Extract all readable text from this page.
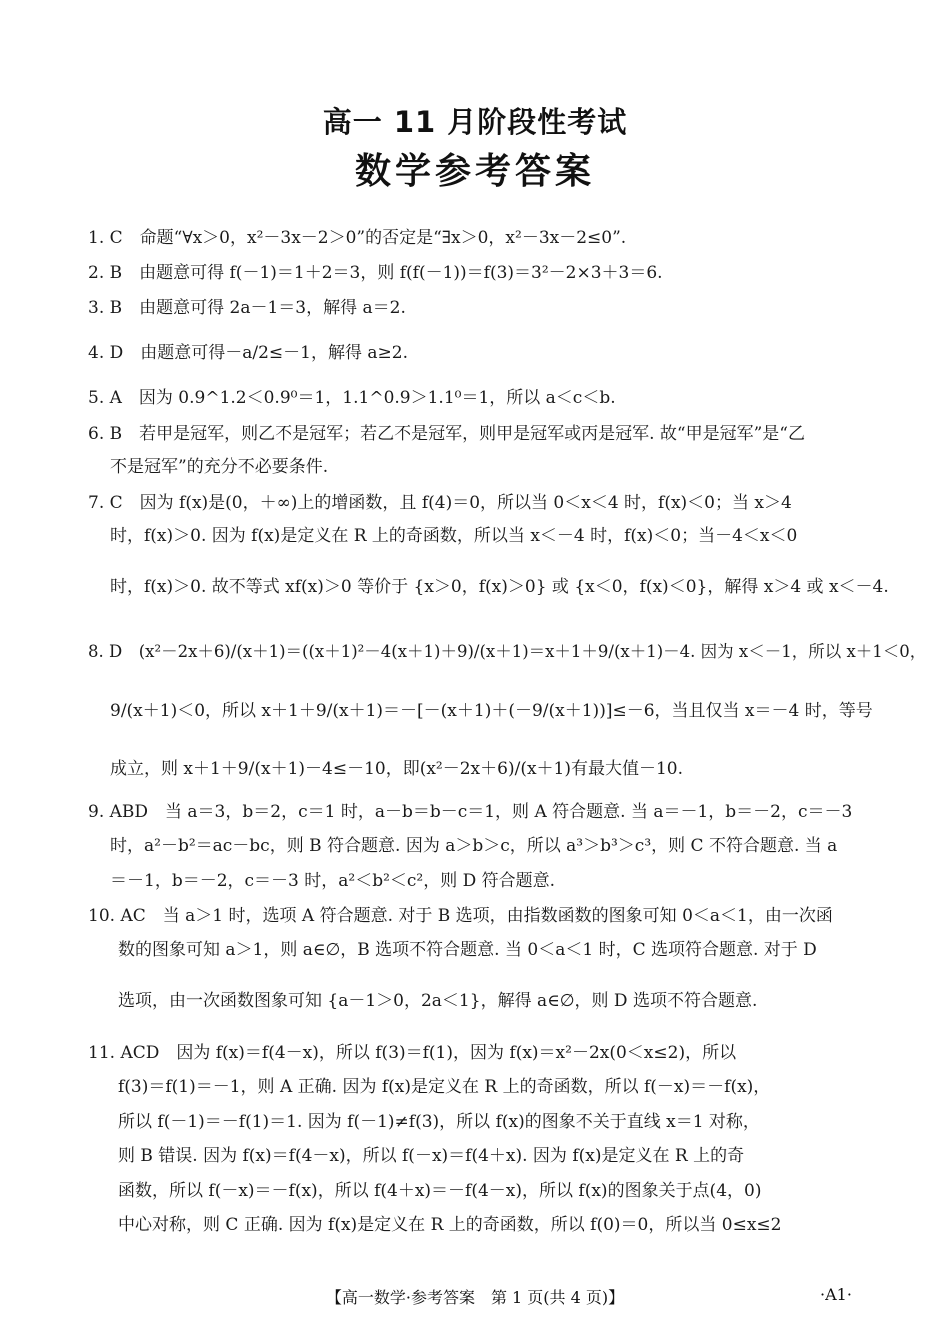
高一 11 月阶段性考试
数学参考答案
1. C　命题“∀x＞0，x²－3x－2＞0”的否定是“∃x＞0，x²－3x－2≤0”.
2. B　由题意可得 f(－1)＝1＋2＝3，则 f(f(－1))＝f(3)＝3²－2×3＋3＝6.
3. B　由题意可得 2a－1＝3，解得 a＝2.
4. D　由题意可得－a/2≤－1，解得 a≥2.
5. A　因为 0.9^1.2＜0.9⁰＝1，1.1^0.9＞1.1⁰＝1，所以 a＜c＜b.
6. B　若甲是冠军，则乙不是冠军；若乙不是冠军，则甲是冠军或丙是冠军. 故“甲是冠军”是“乙
不是冠军”的充分不必要条件.
7. C　因为 f(x)是(0，＋∞)上的增函数，且 f(4)＝0，所以当 0＜x＜4 时，f(x)＜0；当 x＞4
时，f(x)＞0. 因为 f(x)是定义在 R 上的奇函数，所以当 x＜－4 时，f(x)＜0；当－4＜x＜0
时，f(x)＞0. 故不等式 xf(x)＞0 等价于 {x＞0，f(x)＞0} 或 {x＜0，f(x)＜0}，解得 x＞4 或 x＜－4.
8. D　(x²－2x＋6)/(x＋1)＝((x＋1)²－4(x＋1)＋9)/(x＋1)＝x＋1＋9/(x＋1)－4. 因为 x＜－1，所以 x＋1＜0，
9/(x＋1)＜0，所以 x＋1＋9/(x＋1)＝－[－(x＋1)＋(－9/(x＋1))]≤－6，当且仅当 x＝－4 时，等号
成立，则 x＋1＋9/(x＋1)－4≤－10，即(x²－2x＋6)/(x＋1)有最大值－10.
9. ABD　当 a＝3，b＝2，c＝1 时，a－b＝b－c＝1，则 A 符合题意. 当 a＝－1，b＝－2，c＝－3
时，a²－b²＝ac－bc，则 B 符合题意. 因为 a＞b＞c，所以 a³＞b³＞c³，则 C 不符合题意. 当 a
＝－1，b＝－2，c＝－3 时，a²＜b²＜c²，则 D 符合题意.
10. AC　当 a＞1 时，选项 A 符合题意. 对于 B 选项，由指数函数的图象可知 0＜a＜1，由一次函
数的图象可知 a＞1，则 a∈∅，B 选项不符合题意. 当 0＜a＜1 时，C 选项符合题意. 对于 D
选项，由一次函数图象可知 {a－1＞0，2a＜1}，解得 a∈∅，则 D 选项不符合题意.
11. ACD　因为 f(x)＝f(4－x)，所以 f(3)＝f(1)，因为 f(x)＝x²－2x(0＜x≤2)，所以
f(3)＝f(1)＝－1，则 A 正确. 因为 f(x)是定义在 R 上的奇函数，所以 f(－x)＝－f(x)，
所以 f(－1)＝－f(1)＝1. 因为 f(－1)≠f(3)，所以 f(x)的图象不关于直线 x＝1 对称，
则 B 错误. 因为 f(x)＝f(4－x)，所以 f(－x)＝f(4＋x). 因为 f(x)是定义在 R 上的奇
函数，所以 f(－x)＝－f(x)，所以 f(4＋x)＝－f(4－x)，所以 f(x)的图象关于点(4，0)
中心对称，则 C 正确. 因为 f(x)是定义在 R 上的奇函数，所以 f(0)＝0，所以当 0≤x≤2
【高一数学·参考答案　第 1 页(共 4 页)】	·A1·
